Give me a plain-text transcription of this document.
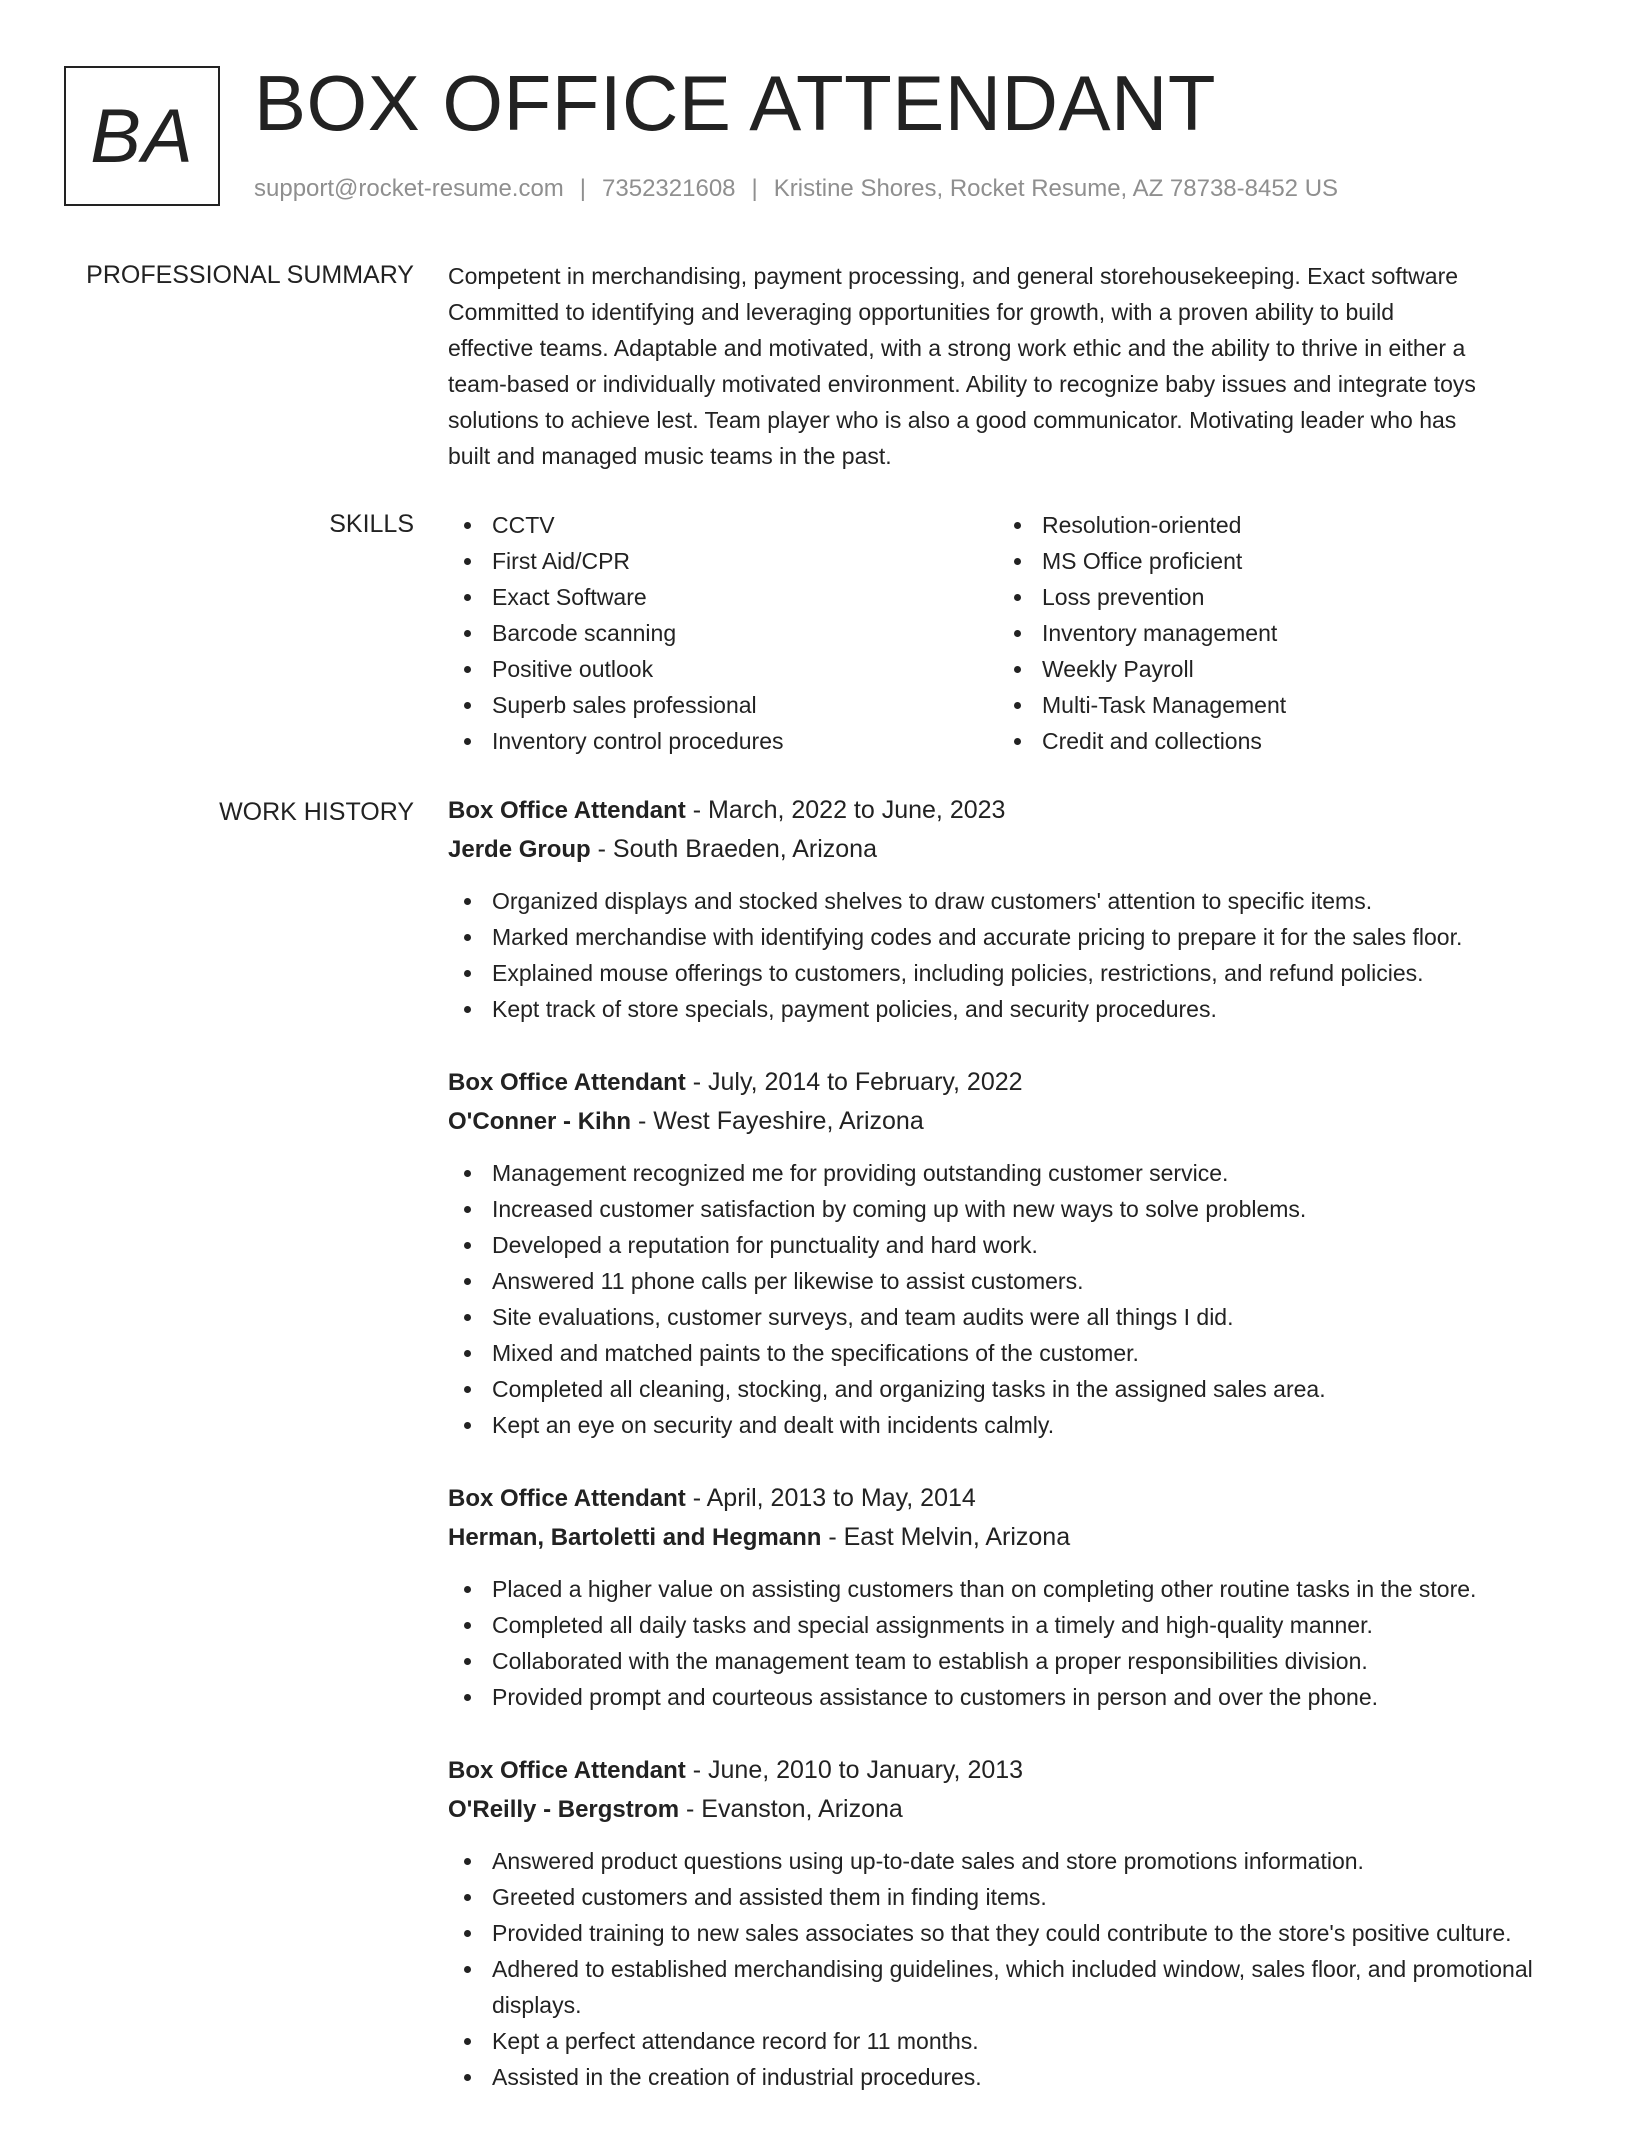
BA BOX OFFICE ATTENDANT
support@rocket-resume.com | 7352321608 | Kristine Shores, Rocket Resume, AZ 78738-8452 US
PROFESSIONAL SUMMARY Competent in merchandising, payment processing, and general storehousekeeping. Exact software

Committed to identifying and leveraging opportunities for growth, with a proven ability to build

effective teams. Adaptable and motivated, with a strong work ethic and the ability to thrive in either a

team-based or individually motivated environment. Ability to recognize baby issues and integrate toys

solutions to achieve lest. Team player who is also a good communicator. Motivating leader who has

built and managed music teams in the past.

SKILLS	CCTV
First Aid/CPR
Exact Software
Barcode scanning
Positive outlook
Superb sales professional
Inventory control procedures
Resolution-oriented
MS Office proficient
Loss prevention
Inventory management
Weekly Payroll
Multi-Task Management
Credit and collections
WORK HISTORY Box Office Attendant - March, 2022 to June, 2023
Jerde Group - South Braeden, Arizona
Organized displays and stocked shelves to draw customers' attention to specific items.
Marked merchandise with identifying codes and accurate pricing to prepare it for the sales floor.
Explained mouse offerings to customers, including policies, restrictions, and refund policies.
Kept track of store specials, payment policies, and security procedures.
Box Office Attendant - July, 2014 to February, 2022
O'Conner - Kihn - West Fayeshire, Arizona
Management recognized me for providing outstanding customer service.
Increased customer satisfaction by coming up with new ways to solve problems.
Developed a reputation for punctuality and hard work.
Answered 11 phone calls per likewise to assist customers.
Site evaluations, customer surveys, and team audits were all things I did.
Mixed and matched paints to the specifications of the customer.
Completed all cleaning, stocking, and organizing tasks in the assigned sales area.
Kept an eye on security and dealt with incidents calmly.
Box Office Attendant - April, 2013 to May, 2014
Herman, Bartoletti and Hegmann - East Melvin, Arizona
Placed a higher value on assisting customers than on completing other routine tasks in the store.
Completed all daily tasks and special assignments in a timely and high-quality manner.
Collaborated with the management team to establish a proper responsibilities division.
Provided prompt and courteous assistance to customers in person and over the phone.
Box Office Attendant - June, 2010 to January, 2013
O'Reilly - Bergstrom - Evanston, Arizona
Answered product questions using up-to-date sales and store promotions information.
Greeted customers and assisted them in finding items.
Provided training to new sales associates so that they could contribute to the store's positive culture.
Adhered to established merchandising guidelines, which included window, sales floor, and promotional displays.
Kept a perfect attendance record for 11 months.
Assisted in the creation of industrial procedures.
